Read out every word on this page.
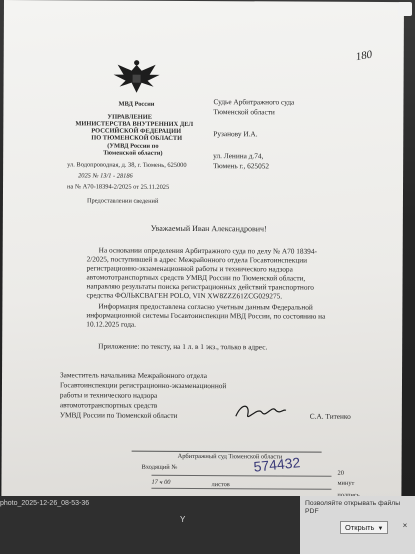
МВД России
УПРАВЛЕНИЕ
МИНИСТЕРСТВА ВНУТРЕННИХ ДЕЛ
РОССИЙСКОЙ ФЕДЕРАЦИИ
ПО ТЮМЕНСКОЙ ОБЛАСТИ
(УМВД России по
Тюменской области)
ул. Водопроводная, д. 38, г. Тюмень, 625000
2025 № 13/1 - 28186
на № А70-18394-2/2025 от 25.11.2025
Предоставлении сведений
Судье Арбитражного суда
Тюменской области
Рузанову И.А.
ул. Ленина д.74,
Тюмень г., 625052
180
Уважаемый Иван Александрович!
На основании определения Арбитражного суда по делу № А70 18394-
2/2025, поступившей в адрес Межрайонного отдела Госавтоинспекции
регистрационно-экзаменационной работы и технического надзора
автомототранспортных средств УМВД России по Тюменской области,
направляю результаты поиска регистрационных действий транспортного
средства ФОЛЬКСВАГЕН POLO, VIN XW8ZZZ61ZCG029275.
Информация предоставлена согласно учетным данным Федеральной
информационной системы Госавтоинспекции МВД России, по состоянию на
10.12.2025 года.
Приложение: по тексту, на 1 л. в 1 экз., только в адрес.
Заместитель начальника Межрайонного отдела
Госавтоинспекции регистрационно-экзаменационной
работы и технического надзора
автомототранспортных средств
УМВД России по Тюменской области	С.А. Титенко
Арбитражный суд Тюменской области
Входящий №	574432	20
минут
17 ч 00	листов
photo_2025-12-26_08-53-36
Y
Позволяйте открывать файлы PDF
Открыть ▼	×
